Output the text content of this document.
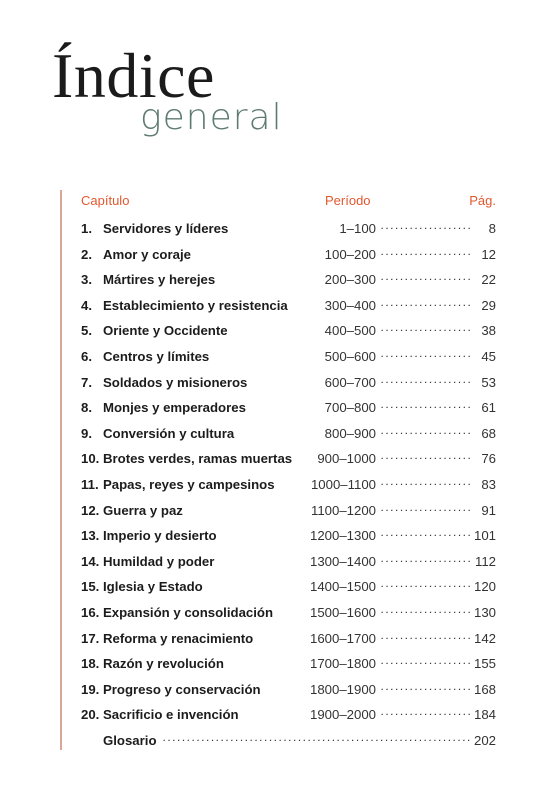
Índice
general
Capítulo	Período	Pág.
1. Servidores y líderes	1–100 .....	8
2. Amor y coraje	100–200 .....	12
3. Mártires y herejes	200–300 .....	22
4. Establecimiento y resistencia	300–400 .....	29
5. Oriente y Occidente	400–500 .....	38
6. Centros y límites	500–600 .....	45
7. Soldados y misioneros	600–700 .....	53
8. Monjes y emperadores	700–800 .....	61
9. Conversión y cultura	800–900 .....	68
10. Brotes verdes, ramas muertas 900–1000 .....	76
11. Papas, reyes y campesinos	1000–1100 .....	83
12. Guerra y paz	1100–1200 .....	91
13. Imperio y desierto	1200–1300 .....	101
14. Humildad y poder	1300–1400 .....	112
15. Iglesia y Estado	1400–1500 .....	120
16. Expansión y consolidación	1500–1600 .....	130
17. Reforma y renacimiento	1600–1700 .....	142
18. Razón y revolución	1700–1800 .....	155
19. Progreso y conservación	1800–1900 .....	168
20. Sacrificio e invención	1900–2000 .....	184
Glosario .....	202
